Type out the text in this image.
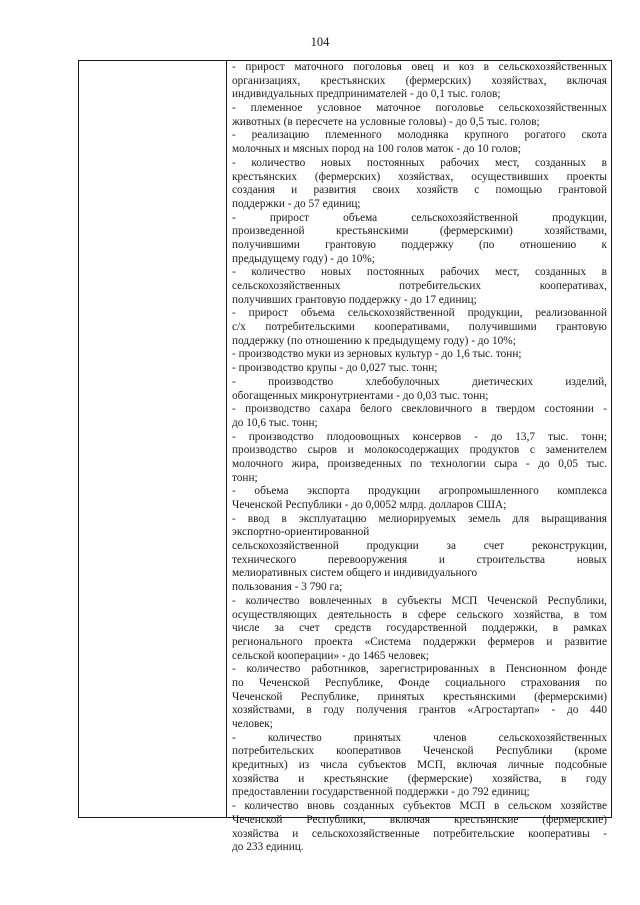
104
- прирост маточного поголовья овец и коз в сельскохозяйственных
организациях, крестьянских (фермерских) хозяйствах, включая
индивидуальных предпринимателей - до 0,1 тыс. голов;
- племенное условное маточное поголовье сельскохозяйственных
животных (в пересчете на условные головы) - до 0,5 тыс. голов;
- реализацию племенного молодняка крупного рогатого скота
молочных и мясных пород на 100 голов маток - до 10 голов;
- количество новых постоянных рабочих мест, созданных в
крестьянских (фермерских) хозяйствах, осуществивших проекты
создания и развития своих хозяйств с помощью грантовой
поддержки - до 57 единиц;
- прирост объема сельскохозяйственной продукции,
произведенной крестьянскими (фермерскими) хозяйствами,
получившими грантовую поддержку (по отношению к
предыдущему году) - до 10%;
- количество новых постоянных рабочих мест, созданных в
сельскохозяйственных потребительских кооперативах,
получивших грантовую поддержку - до 17 единиц;
- прирост объема сельскохозяйственной продукции, реализованной
с/х потребительскими кооперативами, получившими грантовую
поддержку (по отношению к предыдущему году) - до 10%;
- производство муки из зерновых культур - до 1,6 тыс. тонн;
- производство крупы - до 0,027 тыс. тонн;
- производство хлебобулочных диетических изделий,
обогащенных микронутриентами - до 0,03 тыс. тонн;
- производство сахара белого свекловичного в твердом состоянии -
до 10,6 тыс. тонн;
- производство плодоовощных консервов - до 13,7 тыс. тонн;
производство сыров и молокосодержащих продуктов с заменителем
молочного жира, произведенных по технологии сыра - до 0,05 тыс.
тонн;
- объема экспорта продукции агропромышленного комплекса
Чеченской Республики - до 0,0052 млрд. долларов США;
- ввод в эксплуатацию мелиорируемых земель для выращивания
экспортно-ориентированной
сельскохозяйственной продукции за счет реконструкции,
технического перевооружения и строительства новых
мелиоративных систем общего и индивидуального
пользования - 3 790 га;
- количество вовлеченных в субъекты МСП Чеченской Республики,
осуществляющих деятельность в сфере сельского хозяйства, в том
числе за счет средств государственной поддержки, в рамках
регионального проекта «Система поддержки фермеров и развитие
сельской кооперации» - до 1465 человек;
- количество работников, зарегистрированных в Пенсионном фонде
по Чеченской Республике, Фонде социального страхования по
Чеченской Республике, принятых крестьянскими (фермерскими)
хозяйствами, в году получения грантов «Агростартап» - до 440
человек;
- количество принятых членов сельскохозяйственных
потребительских кооперативов Чеченской Республики (кроме
кредитных) из числа субъектов МСП, включая личные подсобные
хозяйства и крестьянские (фермерские) хозяйства, в году
предоставлении государственной поддержки - до 792 единиц;
- количество вновь созданных субъектов МСП в сельском хозяйстве
Чеченской Республики, включая крестьянские (фермерские)
хозяйства и сельскохозяйственные потребительские кооперативы -
до 233 единиц.
